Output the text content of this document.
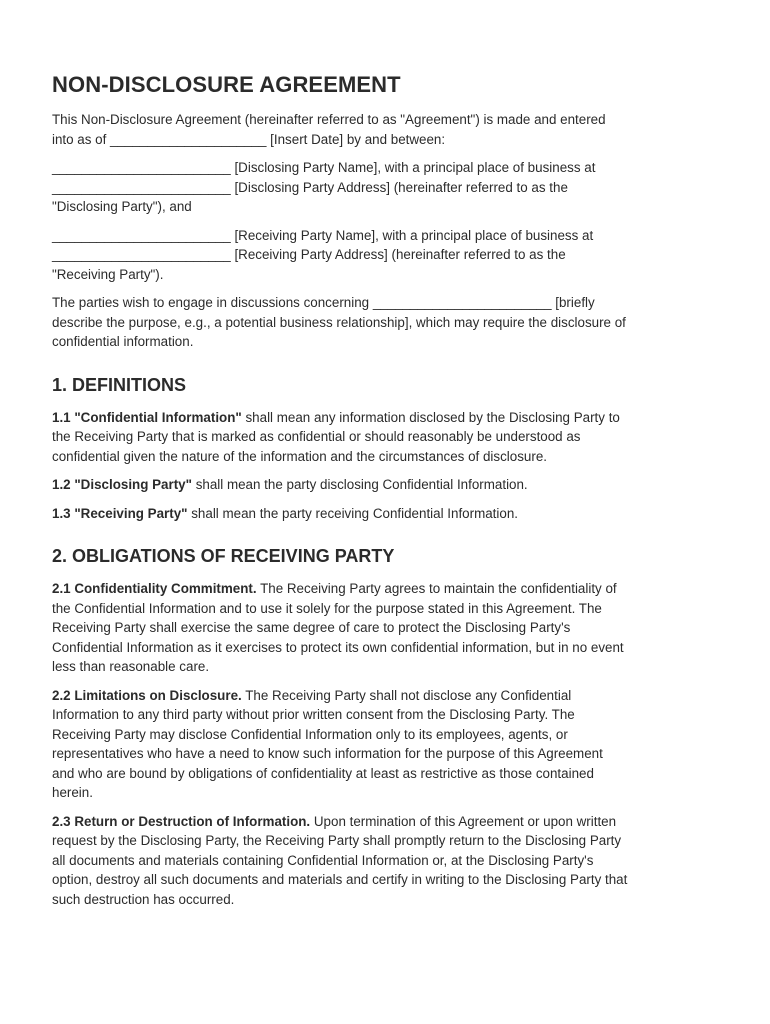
NON-DISCLOSURE AGREEMENT

This Non-Disclosure Agreement (hereinafter referred to as "Agreement") is made and entered
into as of _____________________ [Insert Date] by and between:

________________________ [Disclosing Party Name], with a principal place of business at
________________________ [Disclosing Party Address] (hereinafter referred to as the
"Disclosing Party"), and

________________________ [Receiving Party Name], with a principal place of business at
________________________ [Receiving Party Address] (hereinafter referred to as the
"Receiving Party").

The parties wish to engage in discussions concerning ________________________ [briefly
describe the purpose, e.g., a potential business relationship], which may require the disclosure of
confidential information.

1. DEFINITIONS

1.1 "Confidential Information" shall mean any information disclosed by the Disclosing Party to
the Receiving Party that is marked as confidential or should reasonably be understood as
confidential given the nature of the information and the circumstances of disclosure.

1.2 "Disclosing Party" shall mean the party disclosing Confidential Information.

1.3 "Receiving Party" shall mean the party receiving Confidential Information.

2. OBLIGATIONS OF RECEIVING PARTY

2.1 Confidentiality Commitment. The Receiving Party agrees to maintain the confidentiality of
the Confidential Information and to use it solely for the purpose stated in this Agreement. The
Receiving Party shall exercise the same degree of care to protect the Disclosing Party's
Confidential Information as it exercises to protect its own confidential information, but in no event
less than reasonable care.

2.2 Limitations on Disclosure. The Receiving Party shall not disclose any Confidential
Information to any third party without prior written consent from the Disclosing Party. The
Receiving Party may disclose Confidential Information only to its employees, agents, or
representatives who have a need to know such information for the purpose of this Agreement
and who are bound by obligations of confidentiality at least as restrictive as those contained
herein.

2.3 Return or Destruction of Information. Upon termination of this Agreement or upon written
request by the Disclosing Party, the Receiving Party shall promptly return to the Disclosing Party
all documents and materials containing Confidential Information or, at the Disclosing Party's
option, destroy all such documents and materials and certify in writing to the Disclosing Party that
such destruction has occurred.
